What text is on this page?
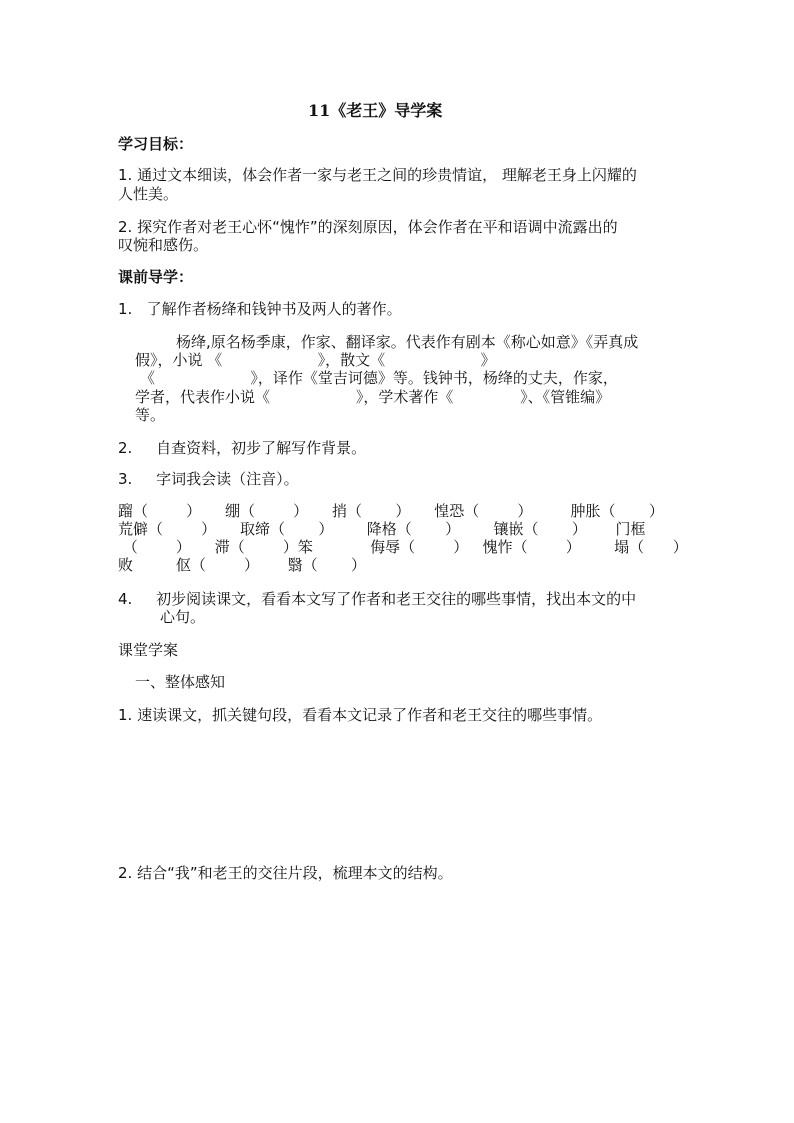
11《老王》导学案
学习目标：
1. 通过文本细读，体会作者一家与老王之间的珍贵情谊， 理解老王身上闪耀的
人性美。
2. 探究作者对老王心怀“愧怍”的深刻原因，体会作者在平和语调中流露出的
叹惋和感伤。
课前导学：
1.   了解作者杨绛和钱钟书及两人的著作。
杨绛,原名杨季康，作家、翻译家。代表作有剧本《称心如意》《弄真成
假》，小说 《                    》，散文《                    》
《                    》，译作《堂吉诃德》等。钱钟书，杨绛的丈夫，作家，
学者，代表作小说《                  》，学术著作《              》、《管锥编》
等。
2.     自查资料，初步了解写作背景。
3.     字词我会读（注音）。
蹓（        ）     绷（        ）     捎（       ）     惶恐（        ）        肿胀（       ）
荒僻（        ）     取缔（       ）       降格（       ）       镶嵌（       ）      门框
（        ）     滞（        ）笨            侮辱（        ）   愧怍（        ）       塌（      ）
败         伛（        ）      翳（       ）
4.     初步阅读课文，看看本文写了作者和老王交往的哪些事情，找出本文的中
心句。
课堂学案
一、整体感知
1. 速读课文，抓关键句段，看看本文记录了作者和老王交往的哪些事情。
2. 结合“我”和老王的交往片段，梳理本文的结构。
